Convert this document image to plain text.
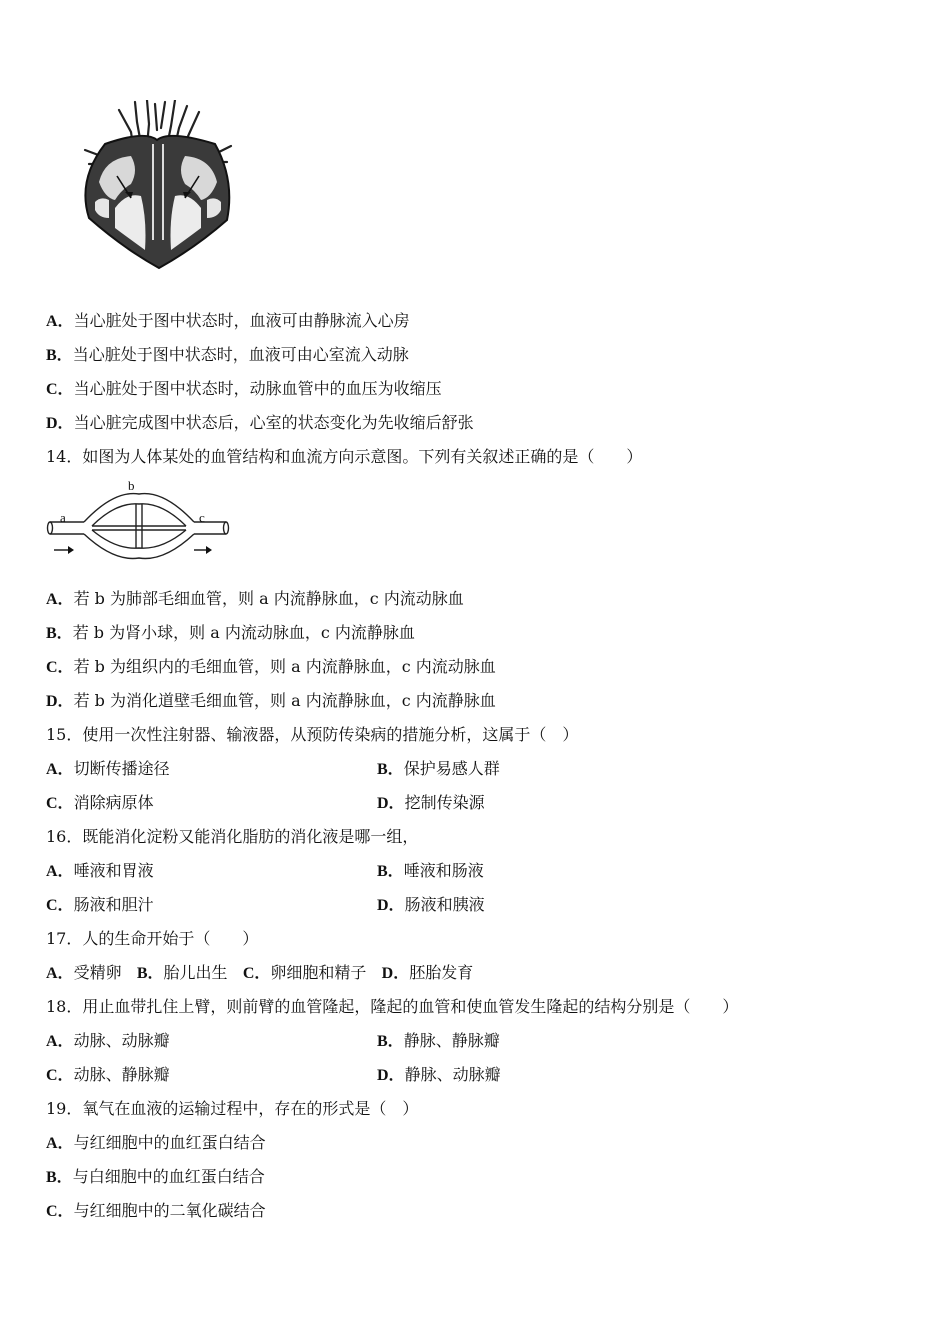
A．当心脏处于图中状态时，血液可由静脉流入心房
B．当心脏处于图中状态时，血液可由心室流入动脉
C．当心脏处于图中状态时，动脉血管中的血压为收缩压
D．当心脏完成图中状态后，心室的状态变化为先收缩后舒张
14．如图为人体某处的血管结构和血流方向示意图。下列有关叙述正确的是（　　）
a
b
c
A．若 b 为肺部毛细血管，则 a 内流静脉血，c 内流动脉血
B．若 b 为肾小球，则 a 内流动脉血，c 内流静脉血
C．若 b 为组织内的毛细血管，则 a 内流静脉血，c 内流动脉血
D．若 b 为消化道壁毛细血管，则 a 内流静脉血，c 内流静脉血
15．使用一次性注射器、输液器，从预防传染病的措施分析，这属于（　）
A．切断传播途径	B．保护易感人群
C．消除病原体	D．挖制传染源
16．既能消化淀粉又能消化脂肪的消化液是哪一组，
A．唾液和胃液	B．唾液和肠液
C．肠液和胆汁	D．肠液和胰液
17．人的生命开始于（　　）
A．受精卵 B．胎儿出生 C．卵细胞和精子 D．胚胎发育
18．用止血带扎住上臂，则前臂的血管隆起，隆起的血管和使血管发生隆起的结构分别是（　　）
A．动脉、动脉瓣	B．静脉、静脉瓣
C．动脉、静脉瓣	D．静脉、动脉瓣
19．氧气在血液的运输过程中，存在的形式是（　）
A．与红细胞中的血红蛋白结合
B．与白细胞中的血红蛋白结合
C．与红细胞中的二氧化碳结合
